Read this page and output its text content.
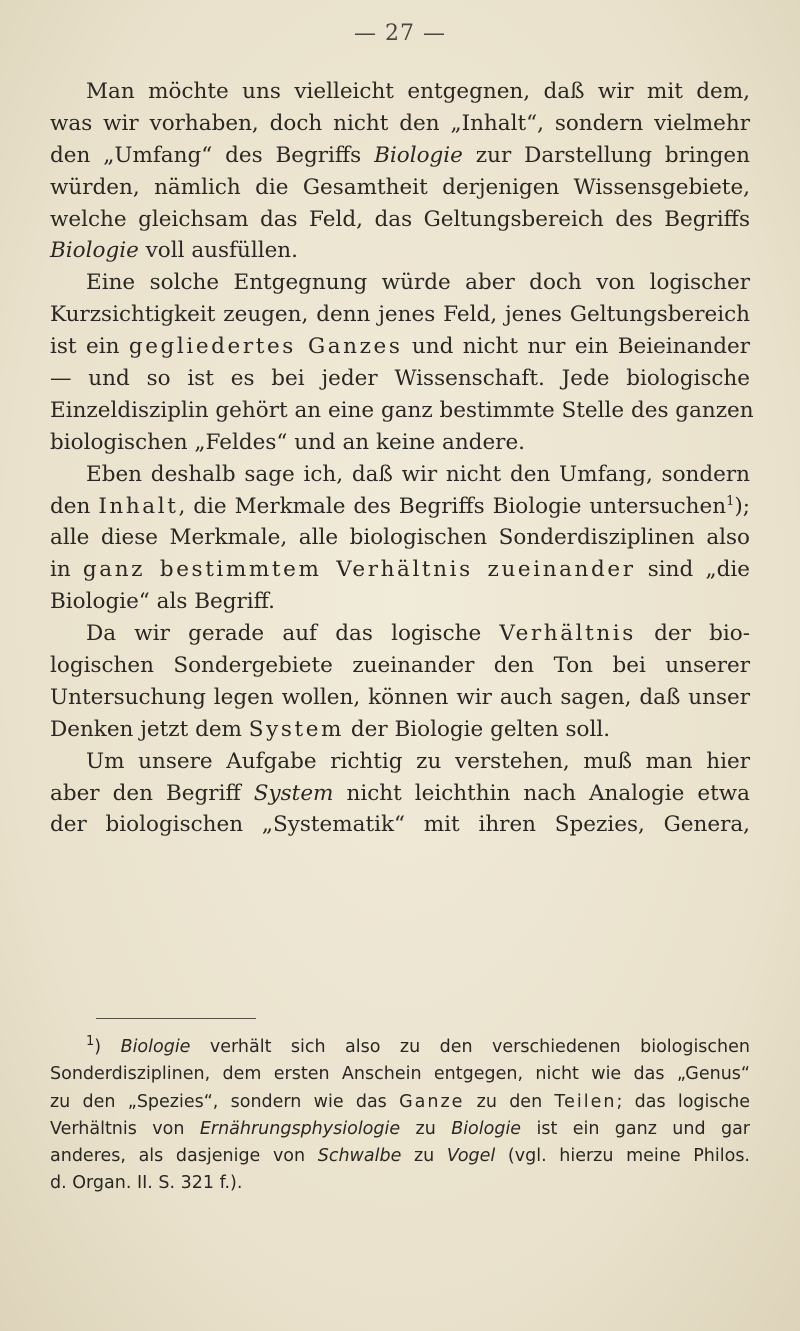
— 27 —
Man möchte uns vielleicht entgegnen, daß wir mit dem,
was wir vorhaben, doch nicht den „Inhalt“, sondern vielmehr
den „Umfang“ des Begriffs Biologie zur Darstellung bringen
würden, nämlich die Gesamtheit derjenigen Wissensgebiete,
welche gleichsam das Feld, das Geltungsbereich des Begriffs
Biologie voll ausfüllen.
Eine solche Entgegnung würde aber doch von logischer
Kurzsichtigkeit zeugen, denn jenes Feld, jenes Geltungsbereich
ist ein gegliedertes Ganzes und nicht nur ein Beieinander
— und so ist es bei jeder Wissenschaft. Jede biologische
Einzeldisziplin gehört an eine ganz bestimmte Stelle des ganzen
biologischen „Feldes“ und an keine andere.
Eben deshalb sage ich, daß wir nicht den Umfang, sondern
den Inhalt, die Merkmale des Begriffs Biologie untersuchen$^1$);
alle diese Merkmale, alle biologischen Sonderdisziplinen also
in ganz bestimmtem Verhältnis zueinander sind „die
Biologie“ als Begriff.
Da wir gerade auf das logische Verhältnis der bio-
logischen Sondergebiete zueinander den Ton bei unserer
Untersuchung legen wollen, können wir auch sagen, daß unser
Denken jetzt dem System der Biologie gelten soll.
Um unsere Aufgabe richtig zu verstehen, muß man hier
aber den Begriff System nicht leichthin nach Analogie etwa
der biologischen „Systematik“ mit ihren Spezies, Genera,
$^1$) Biologie verhält sich also zu den verschiedenen biologischen
Sonderdisziplinen, dem ersten Anschein entgegen, nicht wie das „Genus“
zu den „Spezies“, sondern wie das Ganze zu den Teilen; das logische
Verhältnis von Ernährungsphysiologie zu Biologie ist ein ganz und gar
anderes, als dasjenige von Schwalbe zu Vogel (vgl. hierzu meine Philos.
d. Organ. II. S. 321 f.).
